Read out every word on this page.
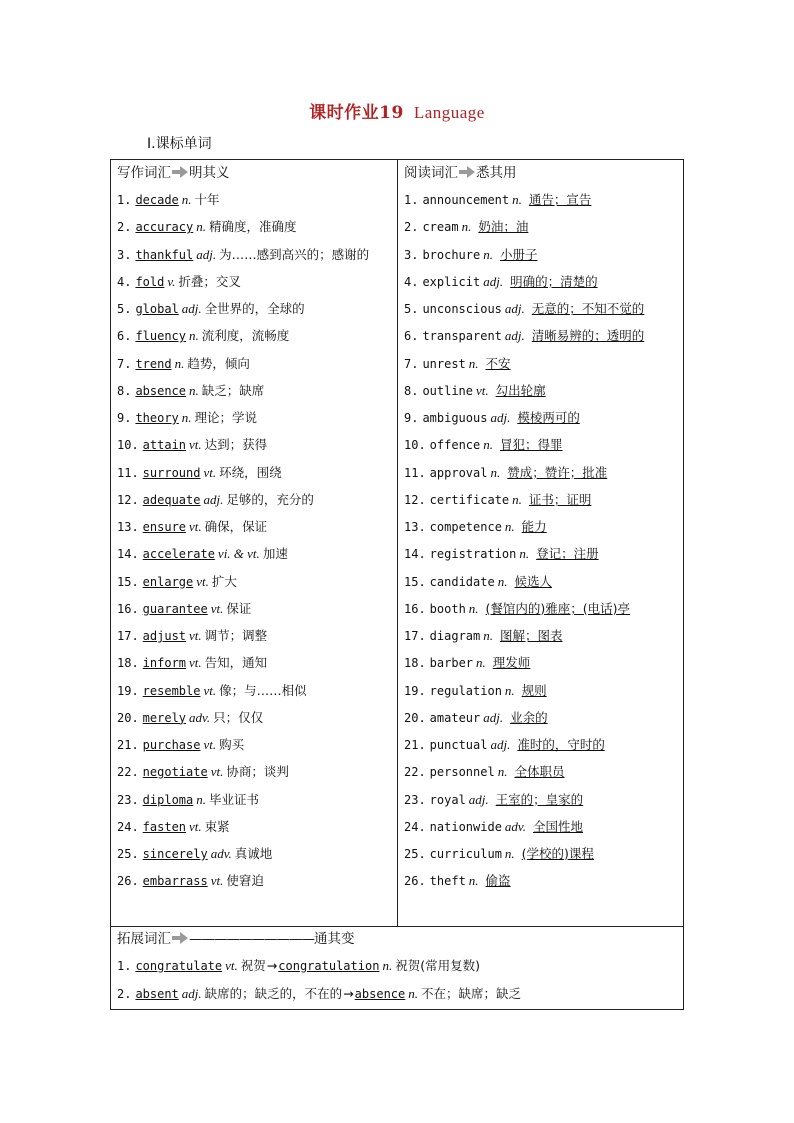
课时作业19 Language
Ⅰ.课标单词
写作词汇 明其义
1. decade n. 十年
2. accuracy n. 精确度，准确度
3. thankful adj. 为……感到高兴的；感谢的
4. fold v. 折叠；交叉
5. global adj. 全世界的，全球的
6. fluency n. 流利度，流畅度
7. trend n. 趋势，倾向
8. absence n. 缺乏；缺席
9. theory n. 理论；学说
10. attain vt. 达到；获得
11. surround vt. 环绕，围绕
12. adequate adj. 足够的，充分的
13. ensure vt. 确保，保证
14. accelerate vi. & vt. 加速
15. enlarge vt. 扩大
16. guarantee vt. 保证
17. adjust vt. 调节；调整
18. inform vt. 告知，通知
19. resemble vt. 像；与……相似
20. merely adv. 只；仅仅
21. purchase vt. 购买
22. negotiate vt. 协商；谈判
23. diploma n. 毕业证书
24. fasten vt. 束紧
25. sincerely adv. 真诚地
26. embarrass vt. 使窘迫
阅读词汇 悉其用
1. announcement n. 通告；宣告
2. cream n. 奶油；油
3. brochure n. 小册子
4. explicit adj. 明确的；清楚的
5. unconscious adj. 无意的；不知不觉的
6. transparent adj. 清晰易辨的；透明的
7. unrest n. 不安
8. outline vt. 勾出轮廓
9. ambiguous adj. 模棱两可的
10. offence n. 冒犯；得罪
11. approval n. 赞成；赞许；批准
12. certificate n. 证书；证明
13. competence n. 能力
14. registration n. 登记；注册
15. candidate n. 候选人
16. booth n. (餐馆内的)雅座；(电话)亭
17. diagram n. 图解；图表
18. barber n. 理发师
19. regulation n. 规则
20. amateur adj. 业余的
21. punctual adj. 准时的，守时的
22. personnel n. 全体职员
23. royal adj. 王室的；皇家的
24. nationwide adv. 全国性地
25. curriculum n. (学校的)课程
26. theft n. 偷盗
拓展词汇 ——————————通其变
1. congratulate vt. 祝贺→congratulation n. 祝贺(常用复数)
2. absent adj. 缺席的；缺乏的，不在的→absence n. 不在；缺席；缺乏
